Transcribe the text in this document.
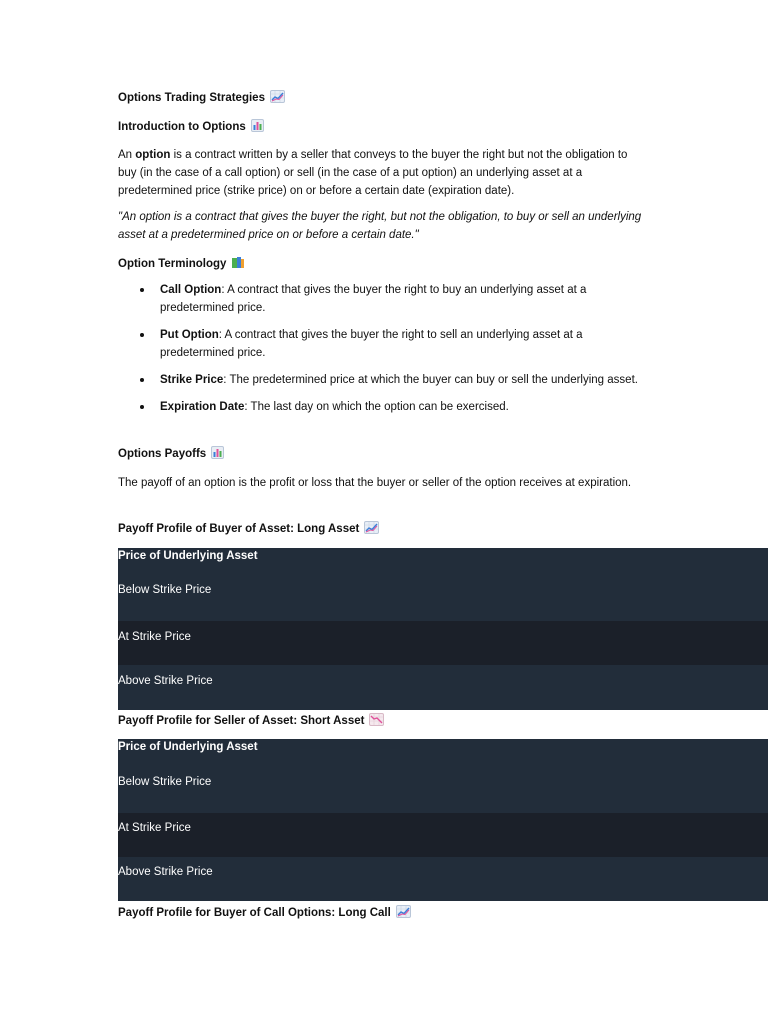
Options Trading Strategies
Introduction to Options
An option is a contract written by a seller that conveys to the buyer the right but not the obligation to buy (in the case of a call option) or sell (in the case of a put option) an underlying asset at a predetermined price (strike price) on or before a certain date (expiration date).
"An option is a contract that gives the buyer the right, but not the obligation, to buy or sell an underlying asset at a predetermined price on or before a certain date."
Option Terminology
Call Option: A contract that gives the buyer the right to buy an underlying asset at a predetermined price.
Put Option: A contract that gives the buyer the right to sell an underlying asset at a predetermined price.
Strike Price: The predetermined price at which the buyer can buy or sell the underlying asset.
Expiration Date: The last day on which the option can be exercised.
Options Payoffs
The payoff of an option is the profit or loss that the buyer or seller of the option receives at expiration.
Payoff Profile of Buyer of Asset: Long Asset
Price of Underlying Asset
Below Strike Price
At Strike Price
Above Strike Price
Payoff Profile for Seller of Asset: Short Asset
Price of Underlying Asset
Below Strike Price
At Strike Price
Above Strike Price
Payoff Profile for Buyer of Call Options: Long Call
